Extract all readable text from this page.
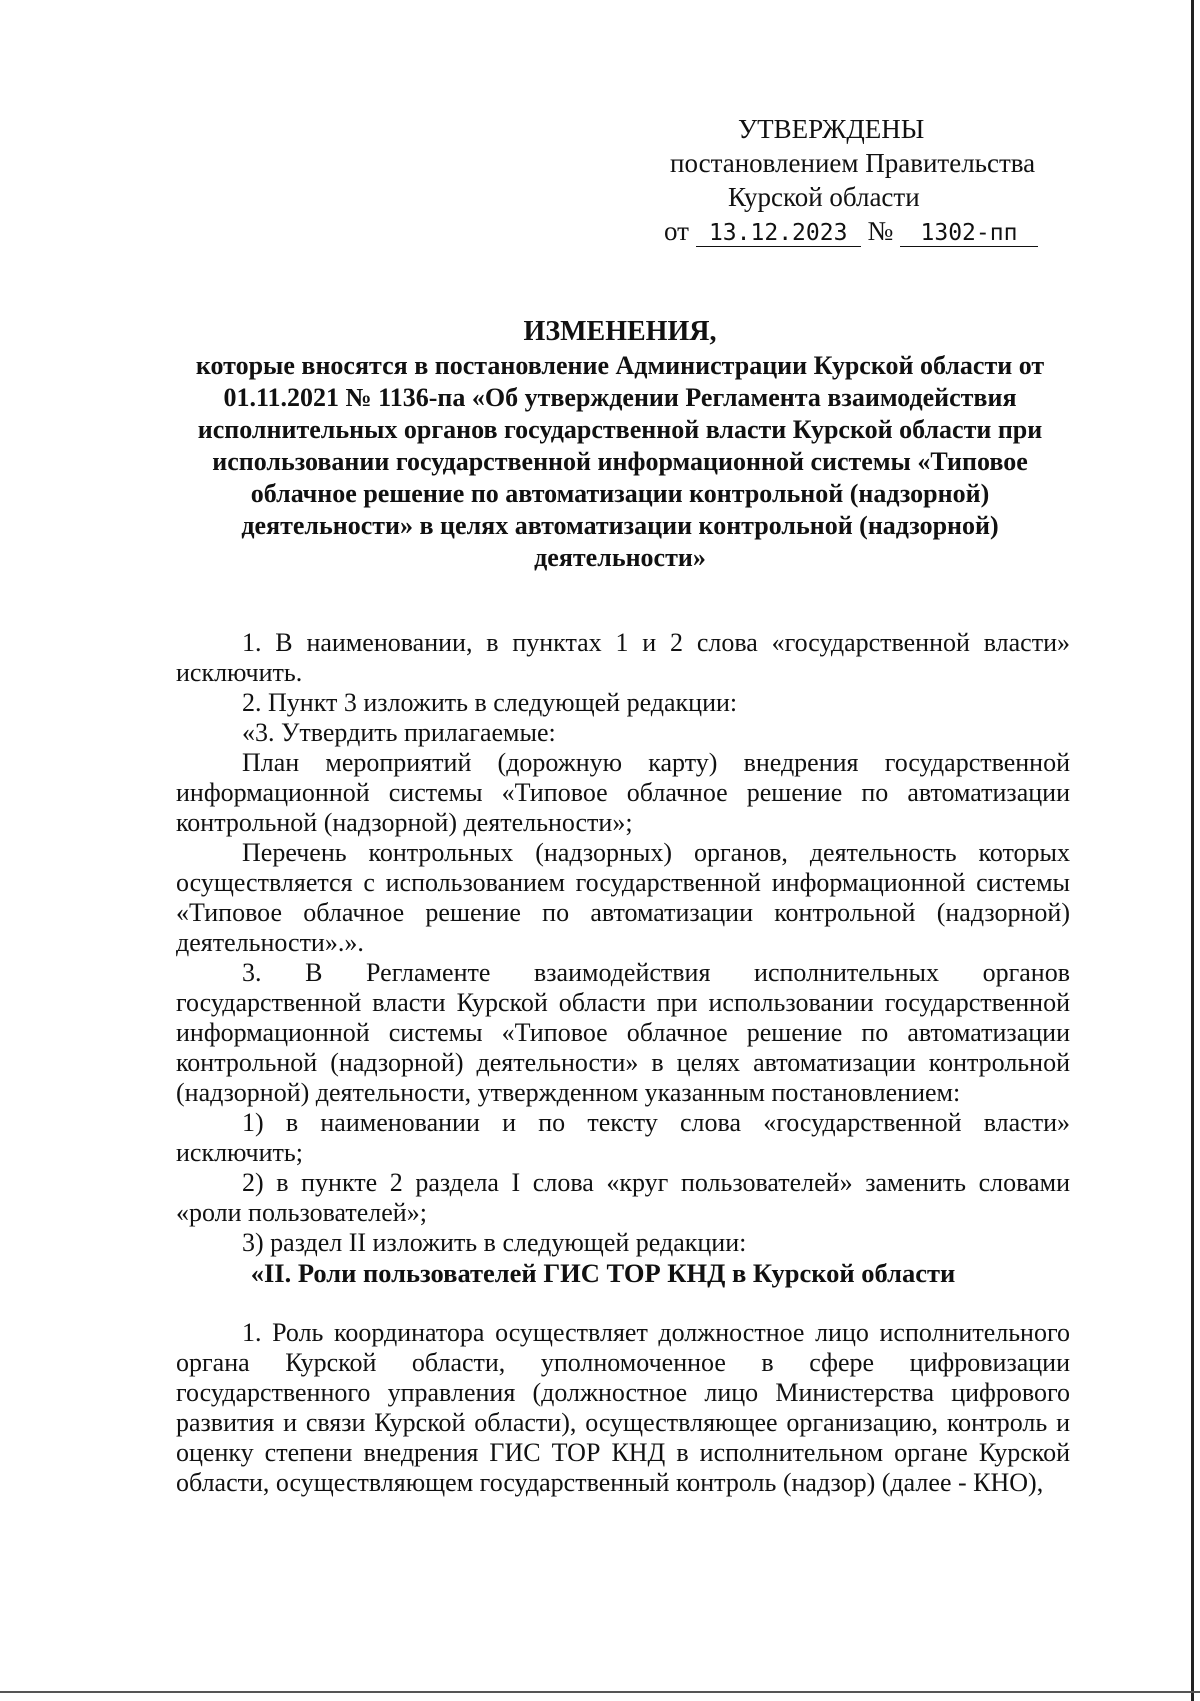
УТВЕРЖДЕНЫ
постановлением Правительства
Курской области
от 13.12.2023 № 1302-пп
ИЗМЕНЕНИЯ,
которые вносятся в постановление Администрации Курской области от 01.11.2021 № 1136-па «Об утверждении Регламента взаимодействия исполнительных органов государственной власти Курской области при использовании государственной информационной системы «Типовое облачное решение по автоматизации контрольной (надзорной) деятельности» в целях автоматизации контрольной (надзорной) деятельности»

1. В наименовании, в пунктах 1 и 2 слова «государственной власти» исключить.

2. Пункт 3 изложить в следующей редакции:

«3. Утвердить прилагаемые:

План мероприятий (дорожную карту) внедрения государственной информационной системы «Типовое облачное решение по автоматизации контрольной (надзорной) деятельности»;

Перечень контрольных (надзорных) органов, деятельность которых осуществляется с использованием государственной информационной системы «Типовое облачное решение по автоматизации контрольной (надзорной) деятельности».».

3. В Регламенте взаимодействия исполнительных органов государственной власти Курской области при использовании государственной информационной системы «Типовое облачное решение по автоматизации контрольной (надзорной) деятельности» в целях автоматизации контрольной (надзорной) деятельности, утвержденном указанным постановлением:

1) в наименовании и по тексту слова «государственной власти» исключить;

2) в пункте 2 раздела I слова «круг пользователей» заменить словами «роли пользователей»;

3) раздел II изложить в следующей редакции:

«II. Роли пользователей ГИС ТОР КНД в Курской области

1. Роль координатора осуществляет должностное лицо исполнительного органа Курской области, уполномоченное в сфере цифровизации государственного управления (должностное лицо Министерства цифрового развития и связи Курской области), осуществляющее организацию, контроль и оценку степени внедрения ГИС ТОР КНД в исполнительном органе Курской области, осуществляющем государственный контроль (надзор) (далее - КНО),
